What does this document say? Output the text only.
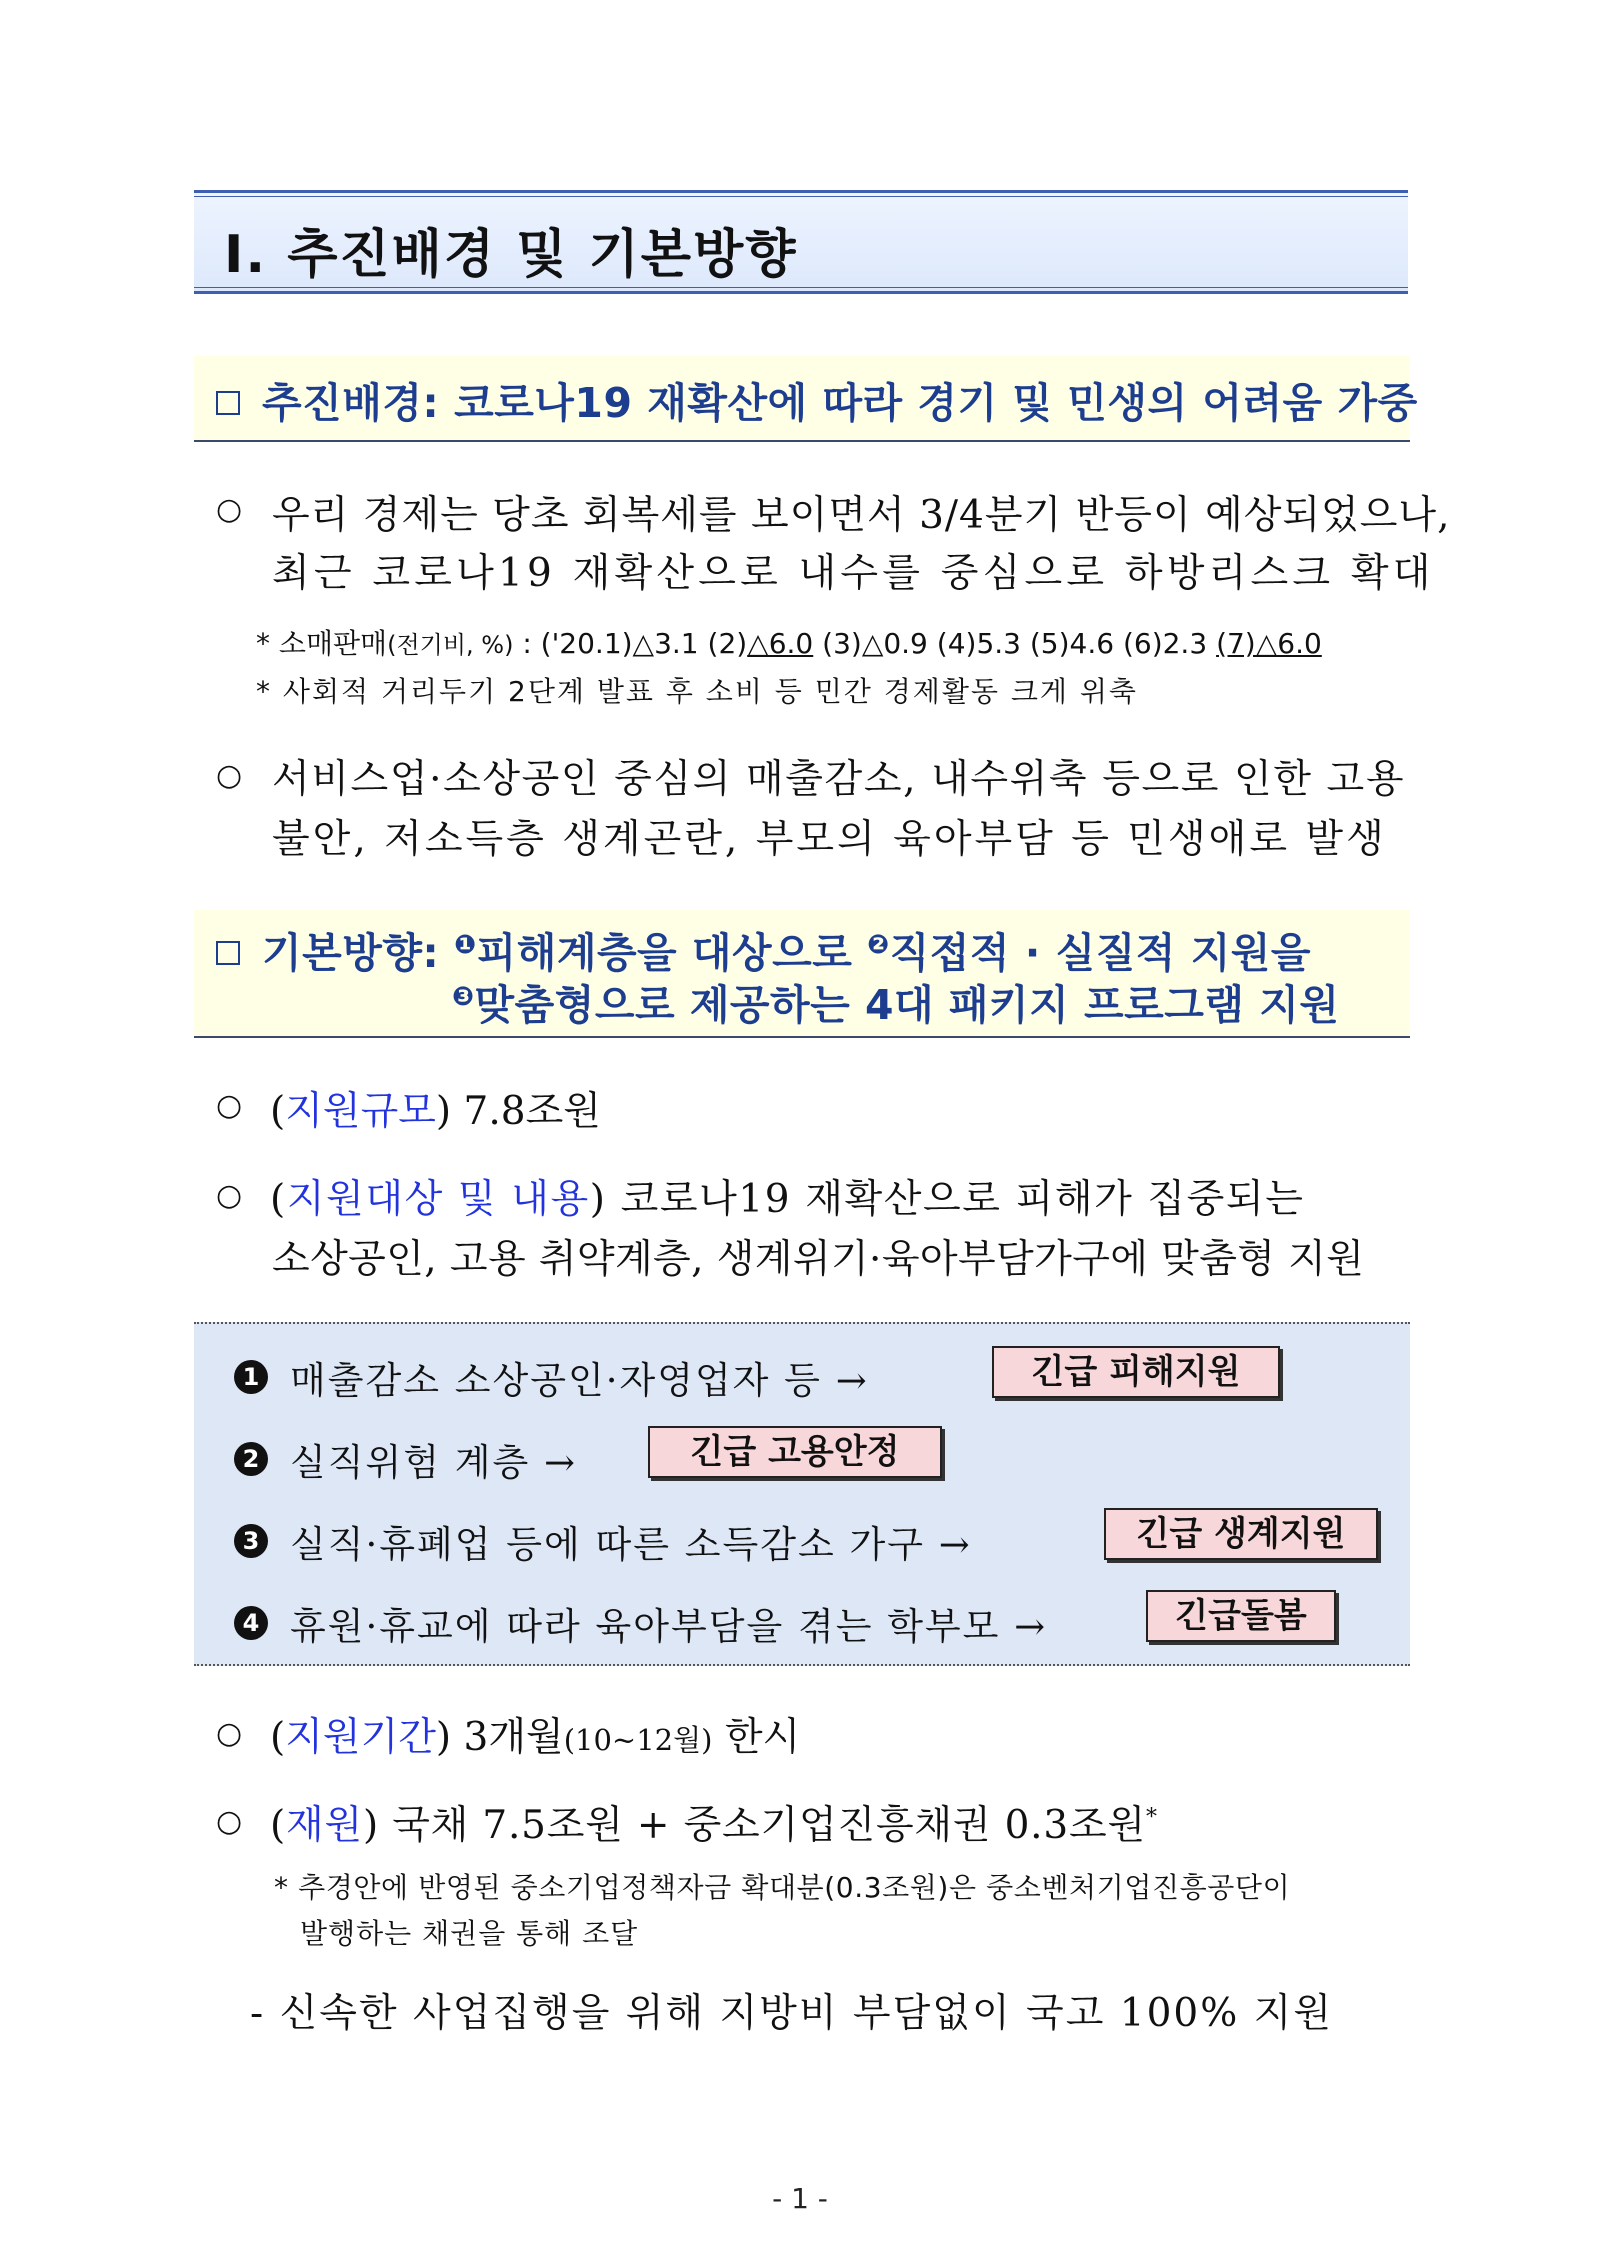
Ⅰ. 추진배경 및 기본방향
추진배경: 코로나19 재확산에 따라 경기 및 민생의 어려움 가중
○ 우리 경제는 당초 회복세를 보이면서 3/4분기 반등이 예상되었으나,
최근 코로나19 재확산으로 내수를 중심으로 하방리스크 확대
* 소매판매(전기비, %) : ('20.1)△3.1 (2)△6.0 (3)△0.9 (4)5.3 (5)4.6 (6)2.3 (7)△6.0
* 사회적 거리두기 2단계 발표 후 소비 등 민간 경제활동 크게 위축
○ 서비스업·소상공인 중심의 매출감소, 내수위축 등으로 인한 고용
불안, 저소득층 생계곤란, 부모의 육아부담 등 민생애로 발생
기본방향: $^❶$피해계층을 대상으로 $^❷$직접적 · 실질적 지원을
$^❸$맞춤형으로 제공하는 4대 패키지 프로그램 지원
○ (지원규모) 7.8조원
○ (지원대상 및 내용) 코로나19 재확산으로 피해가 집중되는
소상공인, 고용 취약계층, 생계위기·육아부담가구에 맞춤형 지원
1 매출감소 소상공인·자영업자 등 →	긴급 피해지원
2 실직위험 계층 →	긴급 고용안정
3 실직·휴폐업 등에 따른 소득감소 가구 →	긴급 생계지원
4 휴원·휴교에 따라 육아부담을 겪는 학부모 →	긴급돌봄
○ (지원기간) 3개월(10~12월) 한시
○ (재원) 국채 7.5조원 + 중소기업진흥채권 0.3조원*
* 추경안에 반영된 중소기업정책자금 확대분(0.3조원)은 중소벤처기업진흥공단이
발행하는 채권을 통해 조달
- 신속한 사업집행을 위해 지방비 부담없이 국고 100% 지원
- 1 -
